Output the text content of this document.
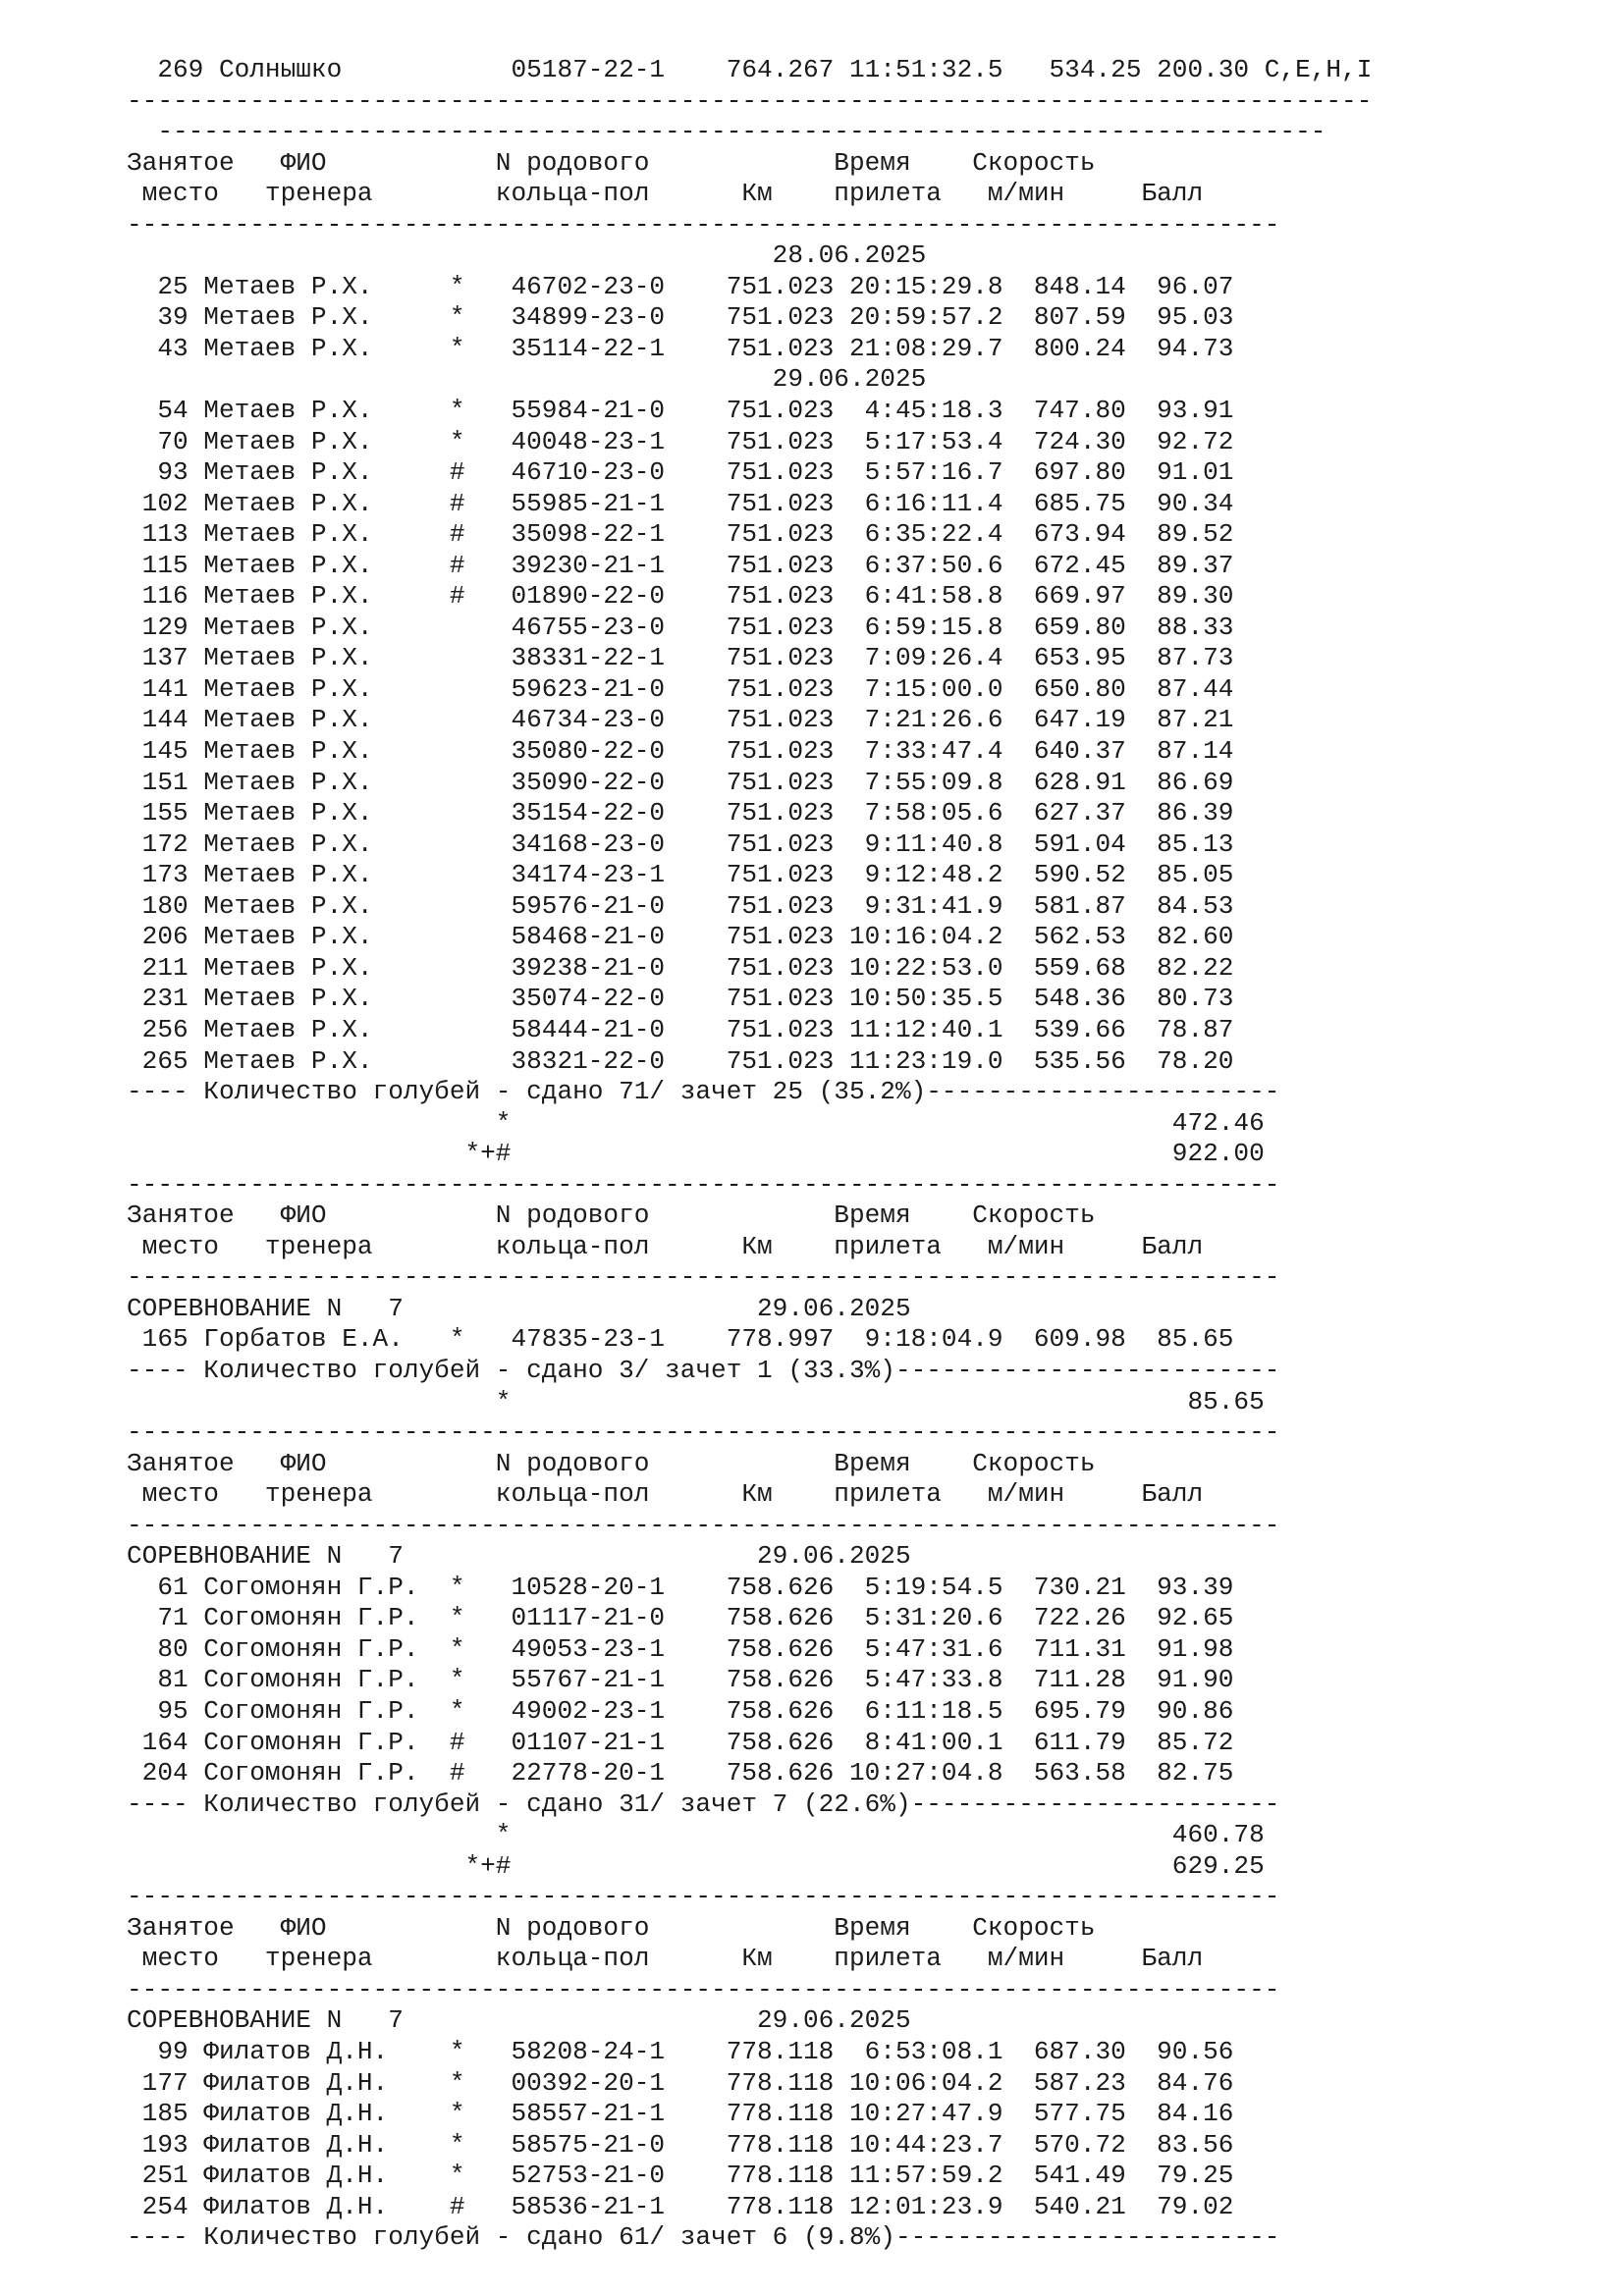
269 Солнышко           05187-22-1    764.267 11:51:32.5   534.25 200.30 C,E,H,I
---------------------------------------------------------------------------------
----------------------------------------------------------------------------
Занятое   ФИО           N родового            Время    Скорость
место   тренера        кольца-пол      Км    прилета   м/мин     Балл
---------------------------------------------------------------------------
28.06.2025
25 Метаев Р.Х.     *   46702-23-0    751.023 20:15:29.8  848.14  96.07
39 Метаев Р.Х.     *   34899-23-0    751.023 20:59:57.2  807.59  95.03
43 Метаев Р.Х.     *   35114-22-1    751.023 21:08:29.7  800.24  94.73
29.06.2025
54 Метаев Р.Х.     *   55984-21-0    751.023  4:45:18.3  747.80  93.91
70 Метаев Р.Х.     *   40048-23-1    751.023  5:17:53.4  724.30  92.72
93 Метаев Р.Х.     #   46710-23-0    751.023  5:57:16.7  697.80  91.01
102 Метаев Р.Х.     #   55985-21-1    751.023  6:16:11.4  685.75  90.34
113 Метаев Р.Х.     #   35098-22-1    751.023  6:35:22.4  673.94  89.52
115 Метаев Р.Х.     #   39230-21-1    751.023  6:37:50.6  672.45  89.37
116 Метаев Р.Х.     #   01890-22-0    751.023  6:41:58.8  669.97  89.30
129 Метаев Р.Х.         46755-23-0    751.023  6:59:15.8  659.80  88.33
137 Метаев Р.Х.         38331-22-1    751.023  7:09:26.4  653.95  87.73
141 Метаев Р.Х.         59623-21-0    751.023  7:15:00.0  650.80  87.44
144 Метаев Р.Х.         46734-23-0    751.023  7:21:26.6  647.19  87.21
145 Метаев Р.Х.         35080-22-0    751.023  7:33:47.4  640.37  87.14
151 Метаев Р.Х.         35090-22-0    751.023  7:55:09.8  628.91  86.69
155 Метаев Р.Х.         35154-22-0    751.023  7:58:05.6  627.37  86.39
172 Метаев Р.Х.         34168-23-0    751.023  9:11:40.8  591.04  85.13
173 Метаев Р.Х.         34174-23-1    751.023  9:12:48.2  590.52  85.05
180 Метаев Р.Х.         59576-21-0    751.023  9:31:41.9  581.87  84.53
206 Метаев Р.Х.         58468-21-0    751.023 10:16:04.2  562.53  82.60
211 Метаев Р.Х.         39238-21-0    751.023 10:22:53.0  559.68  82.22
231 Метаев Р.Х.         35074-22-0    751.023 10:50:35.5  548.36  80.73
256 Метаев Р.Х.         58444-21-0    751.023 11:12:40.1  539.66  78.87
265 Метаев Р.Х.         38321-22-0    751.023 11:23:19.0  535.56  78.20
---- Количество голубей - сдано 71/ зачет 25 (35.2%)-----------------------
*                                           472.46
*+#                                           922.00
---------------------------------------------------------------------------
Занятое   ФИО           N родового            Время    Скорость
место   тренера        кольца-пол      Км    прилета   м/мин     Балл
---------------------------------------------------------------------------
СОРЕВНОВАНИЕ N   7                       29.06.2025
165 Горбатов Е.А.   *   47835-23-1    778.997  9:18:04.9  609.98  85.65
---- Количество голубей - сдано 3/ зачет 1 (33.3%)-------------------------
*                                            85.65
---------------------------------------------------------------------------
Занятое   ФИО           N родового            Время    Скорость
место   тренера        кольца-пол      Км    прилета   м/мин     Балл
---------------------------------------------------------------------------
СОРЕВНОВАНИЕ N   7                       29.06.2025
61 Согомонян Г.Р.  *   10528-20-1    758.626  5:19:54.5  730.21  93.39
71 Согомонян Г.Р.  *   01117-21-0    758.626  5:31:20.6  722.26  92.65
80 Согомонян Г.Р.  *   49053-23-1    758.626  5:47:31.6  711.31  91.98
81 Согомонян Г.Р.  *   55767-21-1    758.626  5:47:33.8  711.28  91.90
95 Согомонян Г.Р.  *   49002-23-1    758.626  6:11:18.5  695.79  90.86
164 Согомонян Г.Р.  #   01107-21-1    758.626  8:41:00.1  611.79  85.72
204 Согомонян Г.Р.  #   22778-20-1    758.626 10:27:04.8  563.58  82.75
---- Количество голубей - сдано 31/ зачет 7 (22.6%)------------------------
*                                           460.78
*+#                                           629.25
---------------------------------------------------------------------------
Занятое   ФИО           N родового            Время    Скорость
место   тренера        кольца-пол      Км    прилета   м/мин     Балл
---------------------------------------------------------------------------
СОРЕВНОВАНИЕ N   7                       29.06.2025
99 Филатов Д.Н.    *   58208-24-1    778.118  6:53:08.1  687.30  90.56
177 Филатов Д.Н.    *   00392-20-1    778.118 10:06:04.2  587.23  84.76
185 Филатов Д.Н.    *   58557-21-1    778.118 10:27:47.9  577.75  84.16
193 Филатов Д.Н.    *   58575-21-0    778.118 10:44:23.7  570.72  83.56
251 Филатов Д.Н.    *   52753-21-0    778.118 11:57:59.2  541.49  79.25
254 Филатов Д.Н.    #   58536-21-1    778.118 12:01:23.9  540.21  79.02
---- Количество голубей - сдано 61/ зачет 6 (9.8%)-------------------------
